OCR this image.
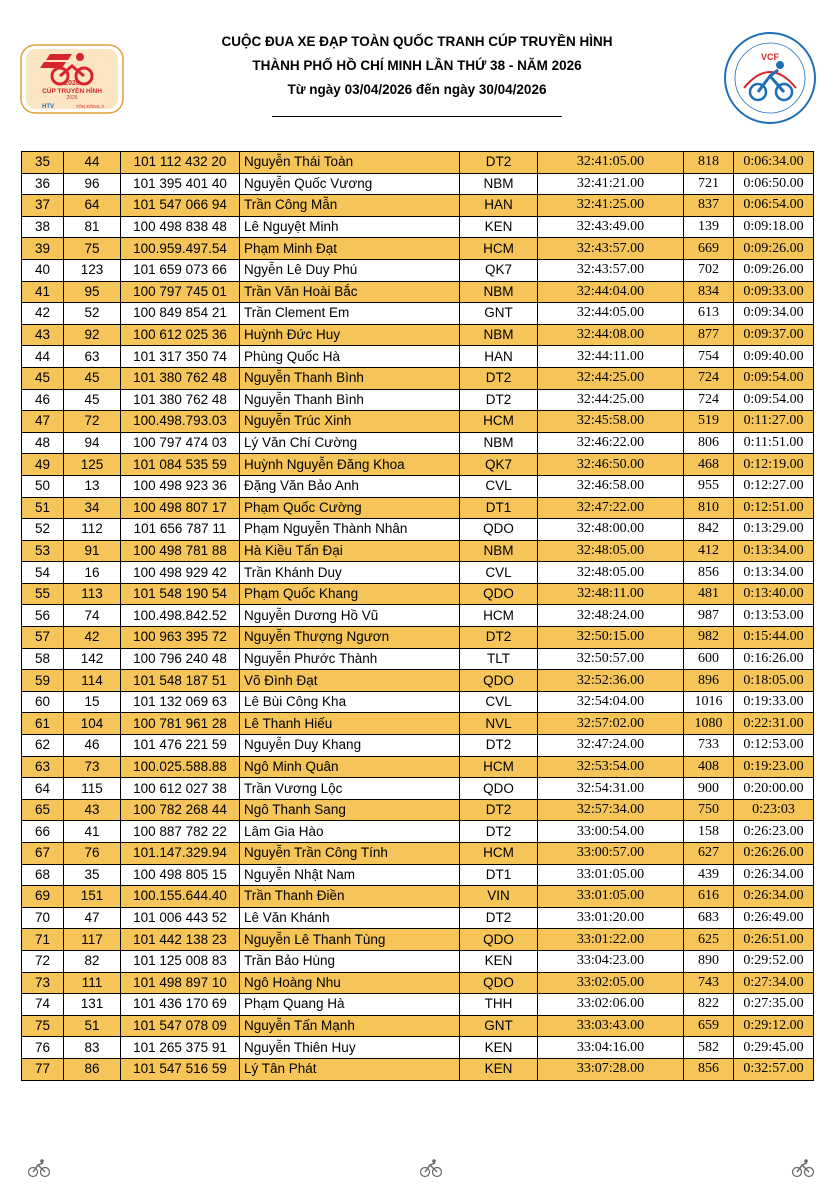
2026
CÚP TRUYỀN HÌNH
2026
HTV	TÔN ĐÔNG Á
CUỘC ĐUA XE ĐẠP TOÀN QUỐC TRANH CÚP TRUYỀN HÌNH
THÀNH PHỐ HỒ CHÍ MINH LẦN THỨ 38 - NĂM 2026
Từ ngày 03/04/2026 đến ngày 30/04/2026
VCF
35	44	101 112 432 20	Nguyễn Thái Toàn	DT2	32:41:05.00	818	0:06:34.00
36	96	101 395 401 40	Nguyễn Quốc Vương	NBM	32:41:21.00	721	0:06:50.00
37	64	101 547 066 94	Trần Công Mẫn	HAN	32:41:25.00	837	0:06:54.00
38	81	100 498 838 48	Lê Nguyệt Minh	KEN	32:43:49.00	139	0:09:18.00
39	75	100.959.497.54	Phạm Minh Đạt	HCM	32:43:57.00	669	0:09:26.00
40	123	101 659 073 66	Ngyễn Lê Duy Phú	QK7	32:43:57.00	702	0:09:26.00
41	95	100 797 745 01	Trần Văn Hoài Bắc	NBM	32:44:04.00	834	0:09:33.00
42	52	100 849 854 21	Trần Clement Em	GNT	32:44:05.00	613	0:09:34.00
43	92	100 612 025 36	Huỳnh Đức Huy	NBM	32:44:08.00	877	0:09:37.00
44	63	101 317 350 74	Phùng Quốc Hà	HAN	32:44:11.00	754	0:09:40.00
45	45	101 380 762 48	Nguyễn Thanh Bình	DT2	32:44:25.00	724	0:09:54.00
46	45	101 380 762 48	Nguyễn Thanh Bình	DT2	32:44:25.00	724	0:09:54.00
47	72	100.498.793.03	Nguyễn Trúc Xinh	HCM	32:45:58.00	519	0:11:27.00
48	94	100 797 474 03	Lý Văn Chí Cường	NBM	32:46:22.00	806	0:11:51.00
49	125	101 084 535 59	Huỳnh Nguyễn Đăng Khoa	QK7	32:46:50.00	468	0:12:19.00
50	13	100 498 923 36	Đặng Văn Bảo Anh	CVL	32:46:58.00	955	0:12:27.00
51	34	100 498 807 17	Phạm Quốc Cường	DT1	32:47:22.00	810	0:12:51.00
52	112	101 656 787 11	Phạm Nguyễn Thành Nhân	QDO	32:48:00.00	842	0:13:29.00
53	91	100 498 781 88	Hà Kiều Tấn Đại	NBM	32:48:05.00	412	0:13:34.00
54	16	100 498 929 42	Trần Khánh Duy	CVL	32:48:05.00	856	0:13:34.00
55	113	101 548 190 54	Phạm Quốc Khang	QDO	32:48:11.00	481	0:13:40.00
56	74	100.498.842.52	Nguyễn Dương Hồ Vũ	HCM	32:48:24.00	987	0:13:53.00
57	42	100 963 395 72	Nguyễn Thượng Ngươn	DT2	32:50:15.00	982	0:15:44.00
58	142	100 796 240 48	Nguyễn Phước Thành	TLT	32:50:57.00	600	0:16:26.00
59	114	101 548 187 51	Võ Đình Đạt	QDO	32:52:36.00	896	0:18:05.00
60	15	101 132 069 63	Lê Bùi Công Kha	CVL	32:54:04.00	1016	0:19:33.00
61	104	100 781 961 28	Lê Thanh Hiếu	NVL	32:57:02.00	1080	0:22:31.00
62	46	101 476 221 59	Nguyễn Duy Khang	DT2	32:47:24.00	733	0:12:53.00
63	73	100.025.588.88	Ngô Minh Quân	HCM	32:53:54.00	408	0:19:23.00
64	115	100 612 027 38	Trần Vương Lộc	QDO	32:54:31.00	900	0:20:00.00
65	43	100 782 268 44	Ngô Thanh Sang	DT2	32:57:34.00	750	0:23:03
66	41	100 887 782 22	Lâm Gia Hào	DT2	33:00:54.00	158	0:26:23.00
67	76	101.147.329.94	Nguyễn Trần Công Tính	HCM	33:00:57.00	627	0:26:26.00
68	35	100 498 805 15	Nguyễn Nhật Nam	DT1	33:01:05.00	439	0:26:34.00
69	151	100.155.644.40	Trần Thanh Điền	VIN	33:01:05.00	616	0:26:34.00
70	47	101 006 443 52	Lê Văn Khánh	DT2	33:01:20.00	683	0:26:49.00
71	117	101 442 138 23	Nguyễn Lê Thanh Tùng	QDO	33:01:22.00	625	0:26:51.00
72	82	101 125 008 83	Trần Bảo Hùng	KEN	33:04:23.00	890	0:29:52.00
73	111	101 498 897 10	Ngô Hoàng Nhu	QDO	33:02:05.00	743	0:27:34.00
74	131	101 436 170 69	Phạm Quang Hà	THH	33:02:06.00	822	0:27:35.00
75	51	101 547 078 09	Nguyễn Tấn Mạnh	GNT	33:03:43.00	659	0:29:12.00
76	83	101 265 375 91	Nguyễn Thiên Huy	KEN	33:04:16.00	582	0:29:45.00
77	86	101 547 516 59	Lý Tân Phát	KEN	33:07:28.00	856	0:32:57.00
